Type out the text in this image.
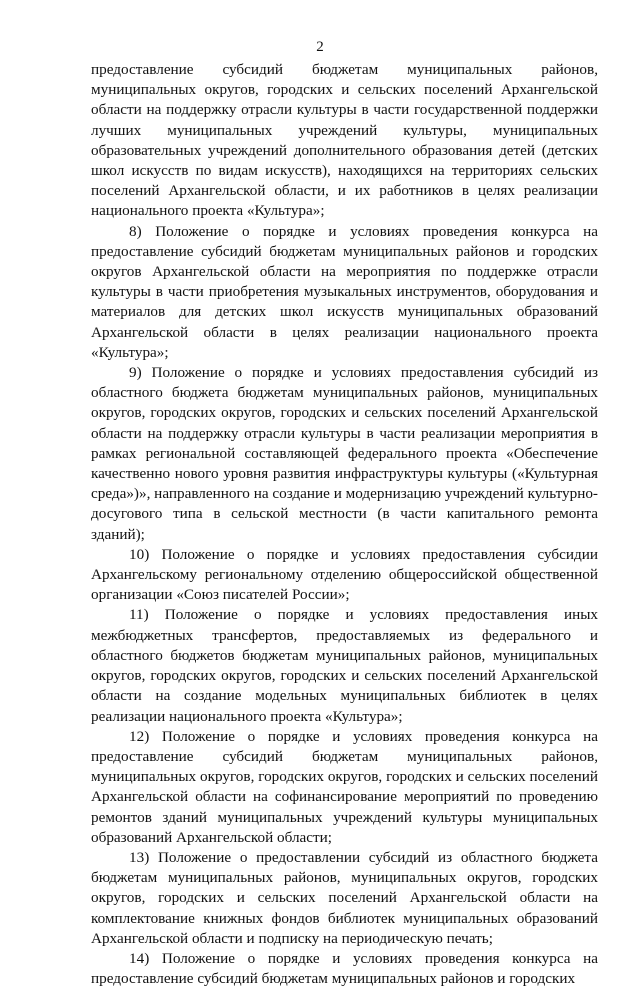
2

предоставление субсидий бюджетам муниципальных районов, муниципальных округов, городских и сельских поселений Архангельской области на поддержку отрасли культуры в части государственной поддержки лучших муниципальных учреждений культуры, муниципальных образовательных учреждений дополнительного образования детей (детских школ искусств по видам искусств), находящихся на территориях сельских поселений Архангельской области, и их работников в целях реализации национального проекта «Культура»;

8) Положение о порядке и условиях проведения конкурса на предоставление субсидий бюджетам муниципальных районов и городских округов Архангельской области на мероприятия по поддержке отрасли культуры в части приобретения музыкальных инструментов, оборудования и материалов для детских школ искусств муниципальных образований Архангельской области в целях реализации национального проекта «Культура»;

9) Положение о порядке и условиях предоставления субсидий из областного бюджета бюджетам муниципальных районов, муниципальных округов, городских округов, городских и сельских поселений Архангельской области на поддержку отрасли культуры в части реализации мероприятия в рамках региональной составляющей федерального проекта «Обеспечение качественно нового уровня развития инфраструктуры культуры («Культурная среда»)», направленного на создание и модернизацию учреждений культурно-досугового типа в сельской местности (в части капитального ремонта зданий);

10) Положение о порядке и условиях предоставления субсидии Архангельскому региональному отделению общероссийской общественной организации «Союз писателей России»;

11) Положение о порядке и условиях предоставления иных межбюджетных трансфертов, предоставляемых из федерального и областного бюджетов бюджетам муниципальных районов, муниципальных округов, городских округов, городских и сельских поселений Архангельской области на создание модельных муниципальных библиотек в целях реализации национального проекта «Культура»;

12) Положение о порядке и условиях проведения конкурса на предоставление субсидий бюджетам муниципальных районов, муниципальных округов, городских округов, городских и сельских поселений Архангельской области на софинансирование мероприятий по проведению ремонтов зданий муниципальных учреждений культуры муниципальных образований Архангельской области;

13) Положение о предоставлении субсидий из областного бюджета бюджетам муниципальных районов, муниципальных округов, городских округов, городских и сельских поселений Архангельской области на комплектование книжных фондов библиотек муниципальных образований Архангельской области и подписку на периодическую печать;

14) Положение о порядке и условиях проведения конкурса на предоставление субсидий бюджетам муниципальных районов и городских
